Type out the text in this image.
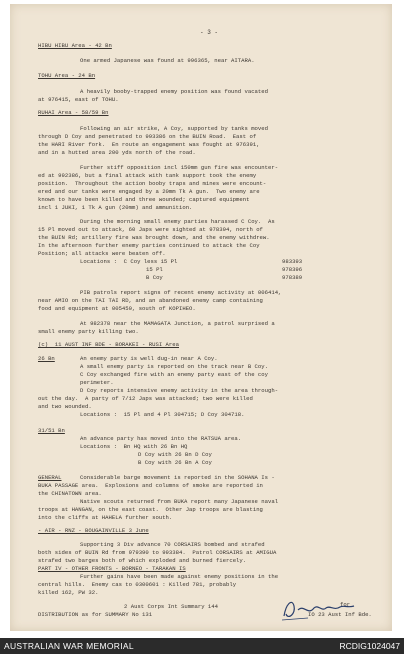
- 3 -
HIBU HIBU Area - 42 Bn
One armed Japanese was found at 996365, near AITARA.
TOHU Area - 24 Bn
A heavily booby-trapped enemy position was found vacated
at 976415, east of TOHU.
RUHAI Area - 58/59 Bn
Following an air strike, A Coy, supported by tanks moved
through D Coy and penetrated to 993386 on the BUIN Road.  East of
the HARI River fork.  En route an engagement was fought at 976391,
and in a hutted area 200 yds north of the road.
Further stiff opposition incl 150mm gun fire was encounter-
ed at 992386, but a final attack with tank support took the enemy
position.  Throughout the action booby traps and mines were encount-
ered and our tanks were engaged by a 20mm Tk A gun.  Two enemy are
known to have been killed and three wounded; captured equipment
incl 1 JUKI, 1 Tk A gun (20mm) and ammunition.
During the morning small enemy parties harassed C Coy.  As
15 Pl moved out to attack, 60 Japs were sighted at 978394, north of
the BUIN Rd; artillery fire was brought down, and the enemy withdrew.
In the afternoon further enemy parties continued to attack the Coy
Position; all attacks were beaten off.
Locations :  C Coy less 15 Pl	983393
15 Pl	978396
B Coy	978389
PIB patrols report signs of recent enemy activity at 006414,
near AMIO on the TAI TAI RD, and an abandoned enemy camp containing
food and equipment at 005450, south of KOPIHEO.
At 982378 near the MAMAGATA Junction, a patrol surprised a
small enemy party killing two.
(c)  11 AUST INF BDE - BORAKEI - RUSI Area
26 Bn	An enemy party is well dug-in near A Coy.
A small enemy party is reported on the track near B Coy.
C Coy exchanged fire with an enemy party east of the coy
perimeter.
D Coy reports intensive enemy activity in the area through-
out the day.  A party of 7/12 Japs was attacked; two were killed
and two wounded.
Locations :  15 Pl and 4 Pl 304715; D Coy 304718.
31/51 Bn
An advance party has moved into the RATSUA area.
Locations :  Bn HQ with 26 Bn HQ
D Coy with 26 Bn D Coy
B Coy with 26 Bn A Coy
GENERAL	Considerable barge movement is reported in the SOHANA Is -
BUKA PASSAGE area.  Explosions and columns of smoke are reported in
the CHINATOWN area.
Native scouts returned from BUKA report many Japanese naval
troops at HANGAN, on the east coast.  Other Jap troops are blasting
into the cliffs at HAHELA further south.
- AIR - RNZ - BOUGAINVILLE 3 June
Supporting 3 Div advance 70 CORSAIRS bombed and strafed
both sides of BUIN Rd from 979390 to 993384.  Patrol CORSAIRS at AMIGUA
strafed two barges both of which exploded and burned fiercely.
PART IV - OTHER FRONTS - BORNEO - TARAKAN IS
Further gains have been made against enemy positions in the
central hills.  Enemy cas to 0300601 : Killed 781, probably
killed 162, PW 32.
2 Aust Corps Int Summary 144
DISTRIBUTION as for SUMMARY No 131
for
IO 23 Aust Inf Bde.
AUSTRALIAN WAR MEMORIAL	RCDIG1024047
